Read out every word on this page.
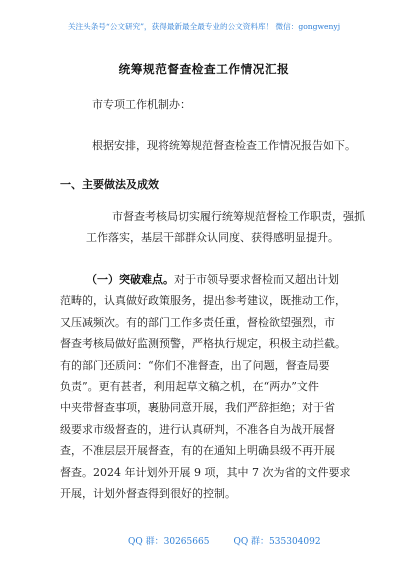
关注头条号“公文研究”，获得最新最全最专业的公文资料库！ 微信：gongwenyj
统筹规范督查检查工作情况汇报

市专项工作机制办：

根据安排，现将统筹规范督查检查工作情况报告如下。

一、主要做法及成效

市督查考核局切实履行统筹规范督检工作职责，强抓
工作落实，基层干部群众认同度、获得感明显提升。
（一）突破难点。对于市领导要求督检而又超出计划
范畴的，认真做好政策服务，提出参考建议，既推动工作，
又压减频次。有的部门工作多责任重，督检欲望强烈，市
督查考核局做好监测预警，严格执行规定，积极主动拦截。
有的部门还质问：“你们不准督查，出了问题，督查局要
负责”。更有甚者，利用起草文稿之机，在“两办”文件
中夹带督查事项，裹胁同意开展，我们严辞拒绝；对于省
级要求市级督查的，进行认真研判，不准各自为战开展督
查，不准层层开展督查，有的在通知上明确县级不再开展
督查。2024 年计划外开展 9 项，其中 7 次为省的文件要求
开展，计划外督查得到很好的控制。
QQ 群：30265665	QQ 群：535304092
